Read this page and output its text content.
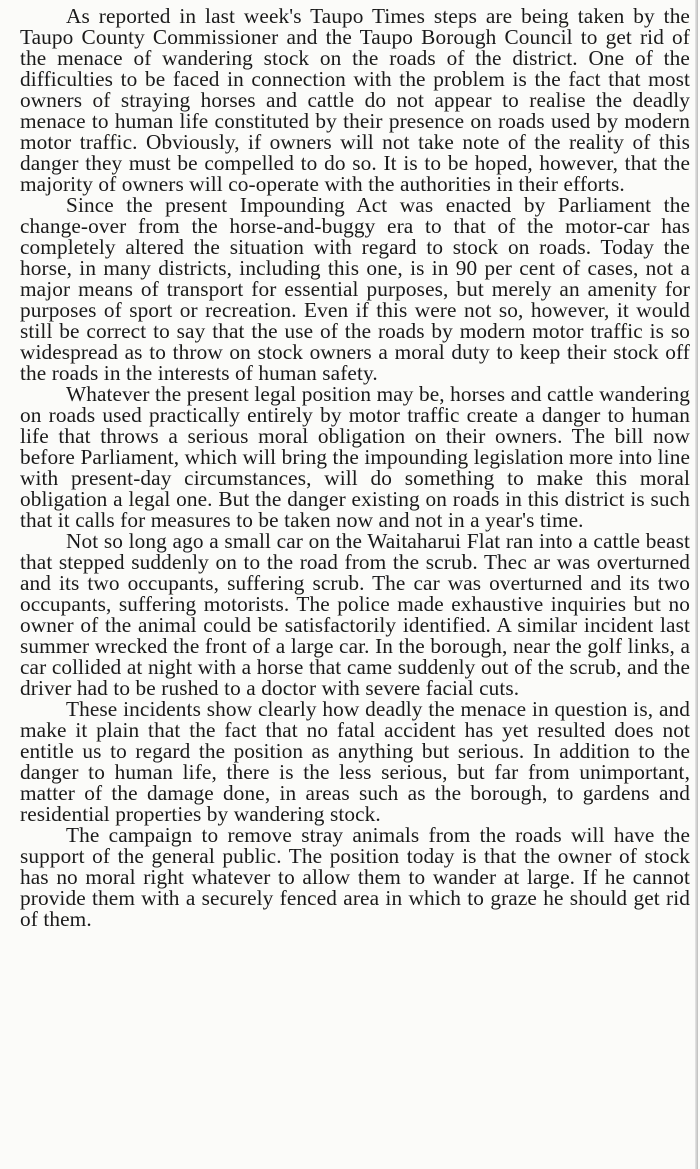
As reported in last week's Taupo Times steps are being taken by the Taupo County Commissioner and the Taupo Borough Council to get rid of the menace of wandering stock on the roads of the district. One of the difficulties to be faced in connection with the problem is the fact that most owners of straying horses and cattle do not appear to realise the deadly menace to human life constituted by their presence on roads used by modern motor traffic. Obviously, if owners will not take note of the reality of this danger they must be compelled to do so. It is to be hoped, however, that the majority of owners will co-operate with the authorities in their efforts.

Since the present Impounding Act was enacted by Parliament the change-over from the horse-and-buggy era to that of the motor-car has completely altered the situation with regard to stock on roads. Today the horse, in many districts, including this one, is in 90 per cent of cases, not a major means of transport for essential purposes, but merely an amenity for purposes of sport or recreation. Even if this were not so, however, it would still be correct to say that the use of the roads by modern motor traffic is so widespread as to throw on stock owners a moral duty to keep their stock off the roads in the interests of human safety.

Whatever the present legal position may be, horses and cattle wandering on roads used practically entirely by motor traffic create a danger to human life that throws a serious moral obligation on their owners. The bill now before Parliament, which will bring the impounding legislation more into line with present-day circumstances, will do something to make this moral obligation a legal one. But the danger existing on roads in this district is such that it calls for measures to be taken now and not in a year's time.

Not so long ago a small car on the Waitaharui Flat ran into a cattle beast that stepped suddenly on to the road from the scrub. Thec ar was overturned and its two occupants, suffering scrub. The car was overturned and its two occupants, suffering motorists. The police made exhaustive inquiries but no owner of the animal could be satisfactorily identified. A similar incident last summer wrecked the front of a large car. In the borough, near the golf links, a car collided at night with a horse that came suddenly out of the scrub, and the driver had to be rushed to a doctor with severe facial cuts.

These incidents show clearly how deadly the menace in question is, and make it plain that the fact that no fatal accident has yet resulted does not entitle us to regard the position as anything but serious. In addition to the danger to human life, there is the less serious, but far from unimportant, matter of the damage done, in areas such as the borough, to gardens and residential properties by wandering stock.

The campaign to remove stray animals from the roads will have the support of the general public. The position today is that the owner of stock has no moral right whatever to allow them to wander at large. If he cannot provide them with a securely fenced area in which to graze he should get rid of them.
